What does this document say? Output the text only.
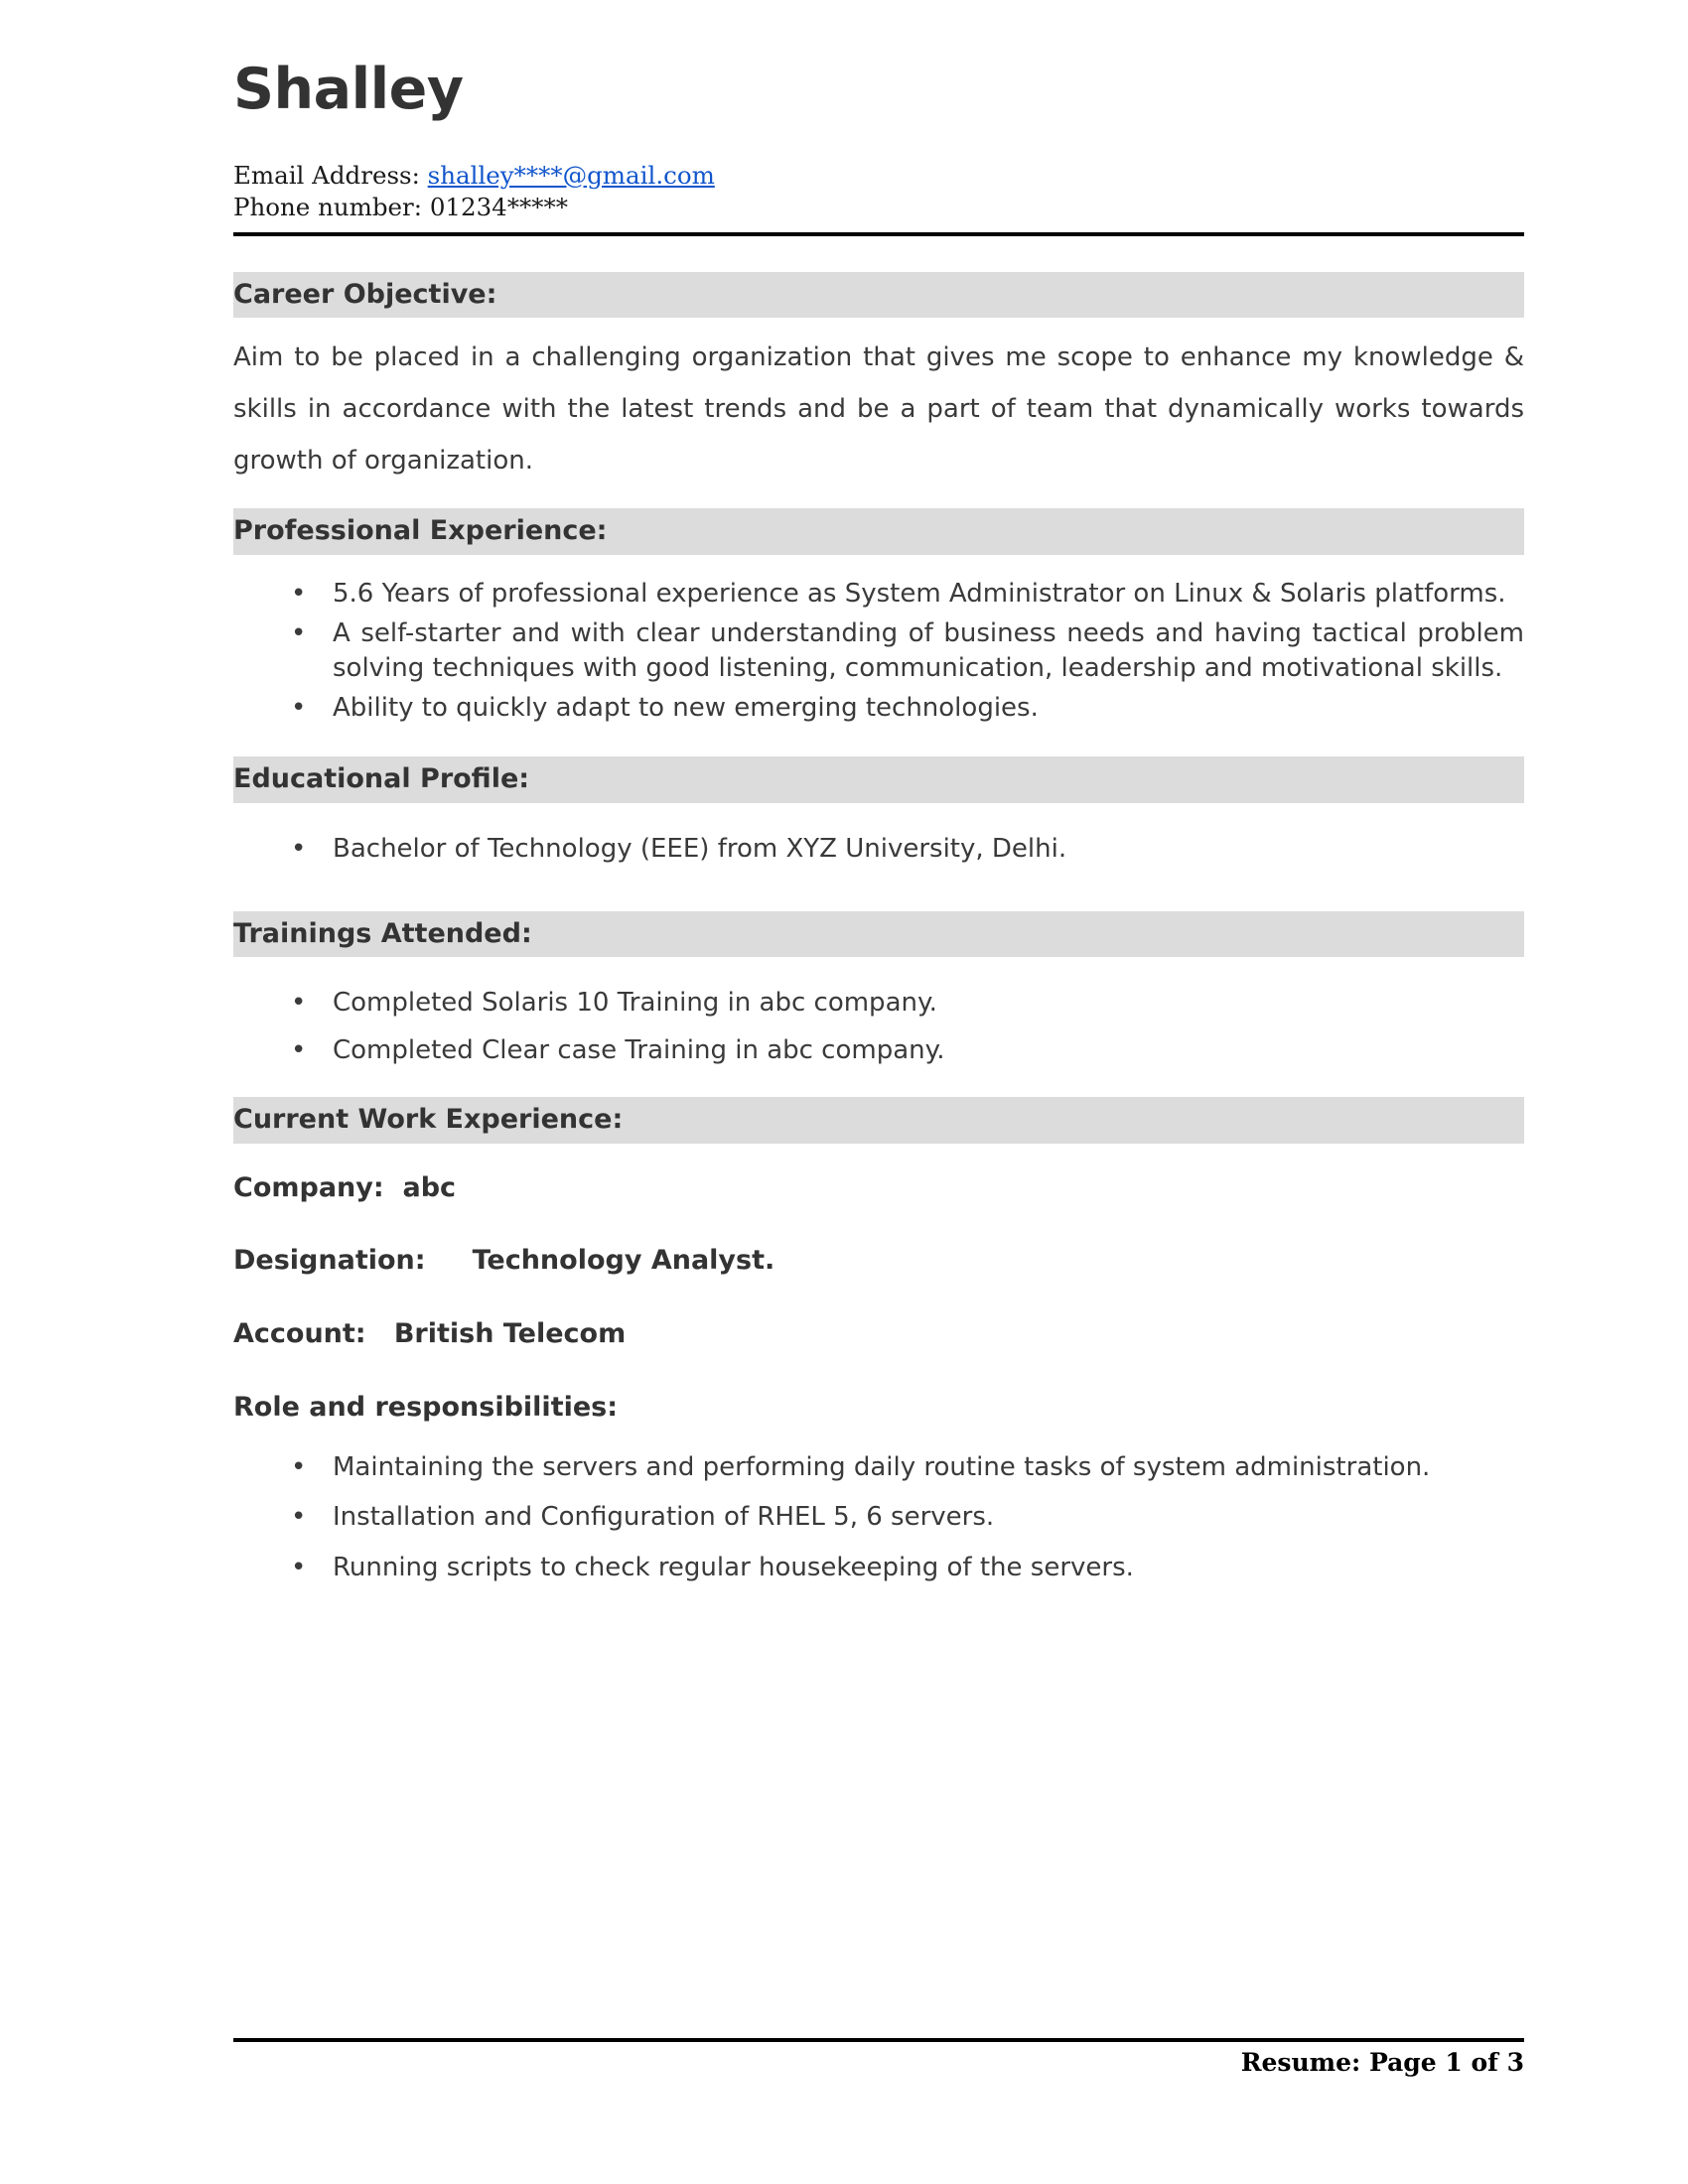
Shalley
Email Address: shalley****@gmail.com
Phone number: 01234*****
Career Objective:
Aim to be placed in a challenging organization that gives me scope to enhance my knowledge & skills in accordance with the latest trends and be a part of team that dynamically works towards growth of organization.
Professional Experience:
• 5.6 Years of professional experience as System Administrator on Linux & Solaris platforms.
• A self-starter and with clear understanding of business needs and having tactical problem solving techniques with good listening, communication, leadership and motivational skills.
• Ability to quickly adapt to new emerging technologies.
Educational Profile:
• Bachelor of Technology (EEE) from XYZ University, Delhi.
Trainings Attended:
• Completed Solaris 10 Training in abc company.
• Completed Clear case Training in abc company.
Current Work Experience:
Company: abc
Designation: Technology Analyst.
Account: British Telecom
Role and responsibilities:
• Maintaining the servers and performing daily routine tasks of system administration.
• Installation and Configuration of RHEL 5, 6 servers.
• Running scripts to check regular housekeeping of the servers.
Resume: Page 1 of 3
